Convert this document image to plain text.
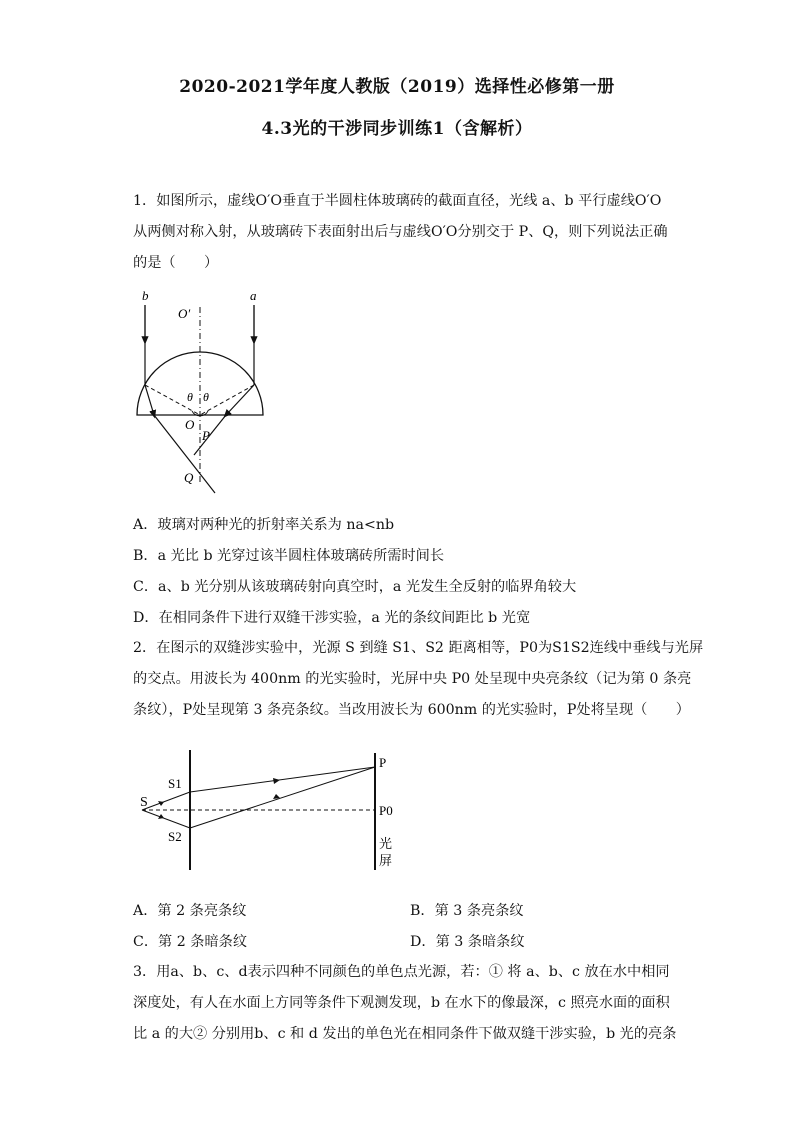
2020-2021学年度人教版（2019）选择性必修第一册
4.3光的干涉同步训练1（含解析）
1．如图所示，虚线O′O垂直于半圆柱体玻璃砖的截面直径，光线 a、b 平行虚线O′O
从两侧对称入射，从玻璃砖下表面射出后与虚线O′O分别交于 P、Q，则下列说法正确
的是（　　）
b	a
O′
θ θ
O
P
Q
A．玻璃对两种光的折射率关系为 na<nb
B．a 光比 b 光穿过该半圆柱体玻璃砖所需时间长
C．a、b 光分别从该玻璃砖射向真空时，a 光发生全反射的临界角较大
D．在相同条件下进行双缝干涉实验，a 光的条纹间距比 b 光宽
2．在图示的双缝涉实验中，光源 S 到缝 S1、S2 距离相等，P0为S1S2连线中垂线与光屏
的交点。用波长为 400nm 的光实验时，光屏中央 P0 处呈现中央亮条纹（记为第 0 条亮
条纹），P处呈现第 3 条亮条纹。当改用波长为 600nm 的光实验时，P处将呈现（　　）
S
S1
S2
P
P0
光
屏
A．第 2 条亮条纹	B．第 3 条亮条纹
C．第 2 条暗条纹	D．第 3 条暗条纹
3．用a、b、c、d表示四种不同颜色的单色点光源，若：① 将 a、b、c 放在水中相同
深度处，有人在水面上方同等条件下观测发现，b 在水下的像最深，c 照亮水面的面积
比 a 的大② 分别用b、c 和 d 发出的单色光在相同条件下做双缝干涉实验，b 光的亮条
